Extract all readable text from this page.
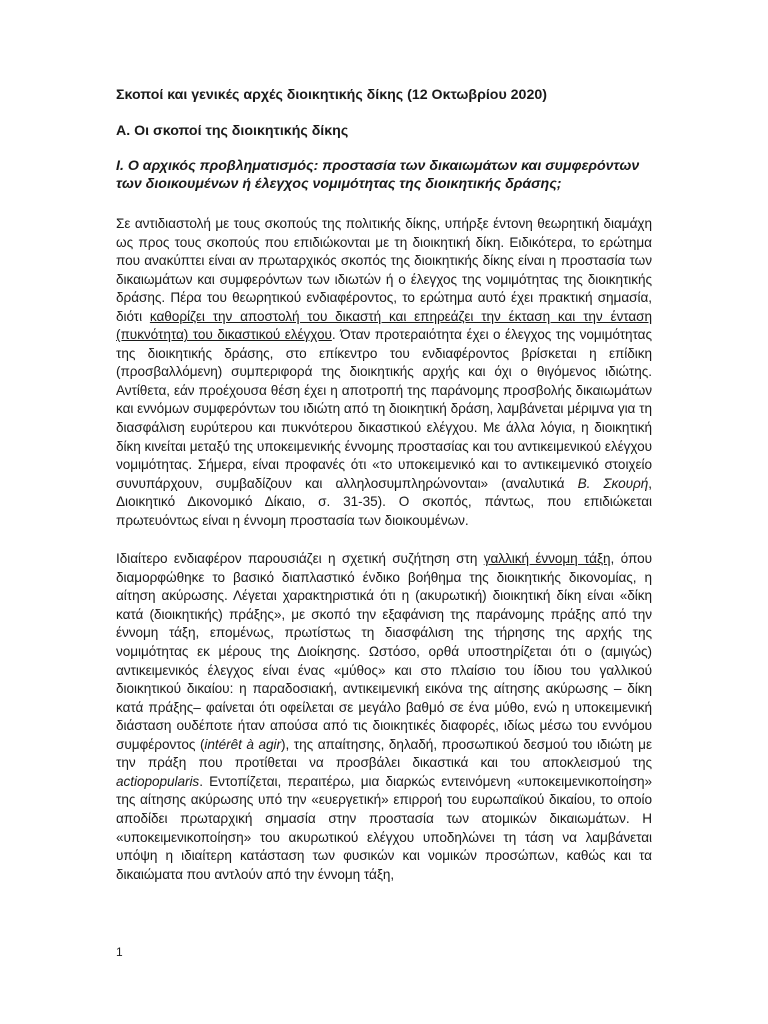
Σκοποί και γενικές αρχές διοικητικής δίκης (12 Οκτωβρίου 2020)

Α. Οι σκοποί της διοικητικής δίκης

Ι. Ο αρχικός προβληματισμός: προστασία των δικαιωμάτων και συμφερόντων των διοικουμένων ή έλεγχος νομιμότητας της διοικητικής δράσης;

Σε αντιδιαστολή με τους σκοπούς της πολιτικής δίκης, υπήρξε έντονη θεωρητική διαμάχη ως προς τους σκοπούς που επιδιώκονται με τη διοικητική δίκη. Ειδικότερα, το ερώτημα που ανακύπτει είναι αν πρωταρχικός σκοπός της διοικητικής δίκης είναι η προστασία των δικαιωμάτων και συμφερόντων των ιδιωτών ή ο έλεγχος της νομιμότητας της διοικητικής δράσης. Πέρα του θεωρητικού ενδιαφέροντος, το ερώτημα αυτό έχει πρακτική σημασία, διότι καθορίζει την αποστολή του δικαστή και επηρεάζει την έκταση και την ένταση (πυκνότητα) του δικαστικού ελέγχου. Όταν προτεραιότητα έχει ο έλεγχος της νομιμότητας της διοικητικής δράσης, στο επίκεντρο του ενδιαφέροντος βρίσκεται η επίδικη (προσβαλλόμενη) συμπεριφορά της διοικητικής αρχής και όχι ο θιγόμενος ιδιώτης. Αντίθετα, εάν προέχουσα θέση έχει η αποτροπή της παράνομης προσβολής δικαιωμάτων και εννόμων συμφερόντων του ιδιώτη από τη διοικητική δράση, λαμβάνεται μέριμνα για τη διασφάλιση ευρύτερου και πυκνότερου δικαστικού ελέγχου. Με άλλα λόγια, η διοικητική δίκη κινείται μεταξύ της υποκειμενικής έννομης προστασίας και του αντικειμενικού ελέγχου νομιμότητας. Σήμερα, είναι προφανές ότι «το υποκειμενικό και το αντικειμενικό στοιχείο συνυπάρχουν, συμβαδίζουν και αλληλοσυμπληρώνονται» (αναλυτικά Β. Σκουρή, Διοικητικό Δικονομικό Δίκαιο, σ. 31-35). Ο σκοπός, πάντως, που επιδιώκεται πρωτευόντως είναι η έννομη προστασία των διοικουμένων.

Ιδιαίτερο ενδιαφέρον παρουσιάζει η σχετική συζήτηση στη γαλλική έννομη τάξη, όπου διαμορφώθηκε το βασικό διαπλαστικό ένδικο βοήθημα της διοικητικής δικονομίας, η αίτηση ακύρωσης. Λέγεται χαρακτηριστικά ότι η (ακυρωτική) διοικητική δίκη είναι «δίκη κατά (διοικητικής) πράξης», με σκοπό την εξαφάνιση της παράνομης πράξης από την έννομη τάξη, επομένως, πρωτίστως τη διασφάλιση της τήρησης της αρχής της νομιμότητας εκ μέρους της Διοίκησης. Ωστόσο, ορθά υποστηρίζεται ότι ο (αμιγώς) αντικειμενικός έλεγχος είναι ένας «μύθος» και στο πλαίσιο του ίδιου του γαλλικού διοικητικού δικαίου: η παραδοσιακή, αντικειμενική εικόνα της αίτησης ακύρωσης – δίκη κατά πράξης– φαίνεται ότι οφείλεται σε μεγάλο βαθμό σε ένα μύθο, ενώ η υποκειμενική διάσταση ουδέποτε ήταν απούσα από τις διοικητικές διαφορές, ιδίως μέσω του εννόμου συμφέροντος (intérêt à agir), της απαίτησης, δηλαδή, προσωπικού δεσμού του ιδιώτη με την πράξη που προτίθεται να προσβάλει δικαστικά και του αποκλεισμού της actiopopularis. Εντοπίζεται, περαιτέρω, μια διαρκώς εντεινόμενη «υποκειμενικοποίηση» της αίτησης ακύρωσης υπό την «ευεργετική» επιρροή του ευρωπαϊκού δικαίου, το οποίο αποδίδει πρωταρχική σημασία στην προστασία των ατομικών δικαιωμάτων. Η «υποκειμενικοποίηση» του ακυρωτικού ελέγχου υποδηλώνει τη τάση να λαμβάνεται υπόψη η ιδιαίτερη κατάσταση των φυσικών και νομικών προσώπων, καθώς και τα δικαιώματα που αντλούν από την έννομη τάξη,

1
